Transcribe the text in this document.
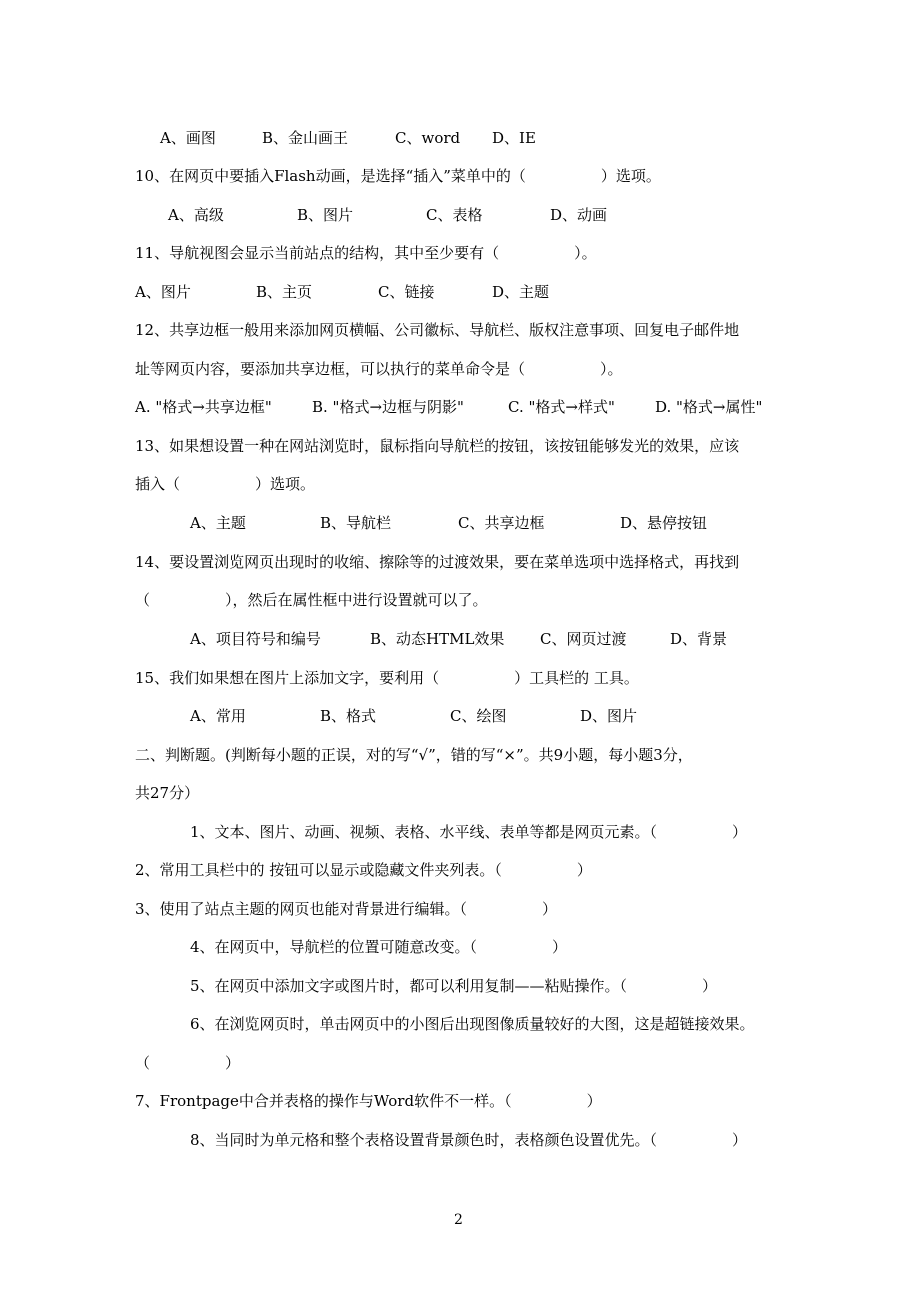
A、画图	B、金山画王	C、word D、IE
10、在网页中要插入Flash动画，是选择“插入”菜单中的（　　　　　）选项。
A、高级	B、图片	C、表格	D、动画
11、导航视图会显示当前站点的结构，其中至少要有（　　　　　）。
A、图片	B、主页	C、链接	D、主题
12、共享边框一般用来添加网页横幅、公司徽标、导航栏、版权注意事项、回复电子邮件地
址等网页内容，要添加共享边框，可以执行的菜单命令是（　　　　　）。
A. "格式→共享边框"	B. "格式→边框与阴影"	C. "格式→样式"	D. "格式→属性"
13、如果想设置一种在网站浏览时，鼠标指向导航栏的按钮，该按钮能够发光的效果，应该
插入（　　　　　）选项。
A、主题	B、导航栏	C、共享边框	D、悬停按钮
14、要设置浏览网页出现时的收缩、擦除等的过渡效果，要在菜单选项中选择格式，再找到
（　　　　　），然后在属性框中进行设置就可以了。
A、项目符号和编号	B、动态HTML效果 C、网页过渡	D、背景
15、我们如果想在图片上添加文字，要利用（　　　　　）工具栏的 工具。
A、常用	B、格式	C、绘图	D、图片
二、判断题。(判断每小题的正误，对的写“√”，错的写“×”。共9小题，每小题3分，
共27分）
1、文本、图片、动画、视频、表格、水平线、表单等都是网页元素。（　　　　　）
2、常用工具栏中的 按钮可以显示或隐藏文件夹列表。（　　　　　）
3、使用了站点主题的网页也能对背景进行编辑。（　　　　　）
4、在网页中，导航栏的位置可随意改变。（　　　　　）
5、在网页中添加文字或图片时，都可以利用复制——粘贴操作。（　　　　　）
6、在浏览网页时，单击网页中的小图后出现图像质量较好的大图，这是超链接效果。
（　　　　　）
7、Frontpage中合并表格的操作与Word软件不一样。（　　　　　）
8、当同时为单元格和整个表格设置背景颜色时，表格颜色设置优先。（　　　　　）
2
